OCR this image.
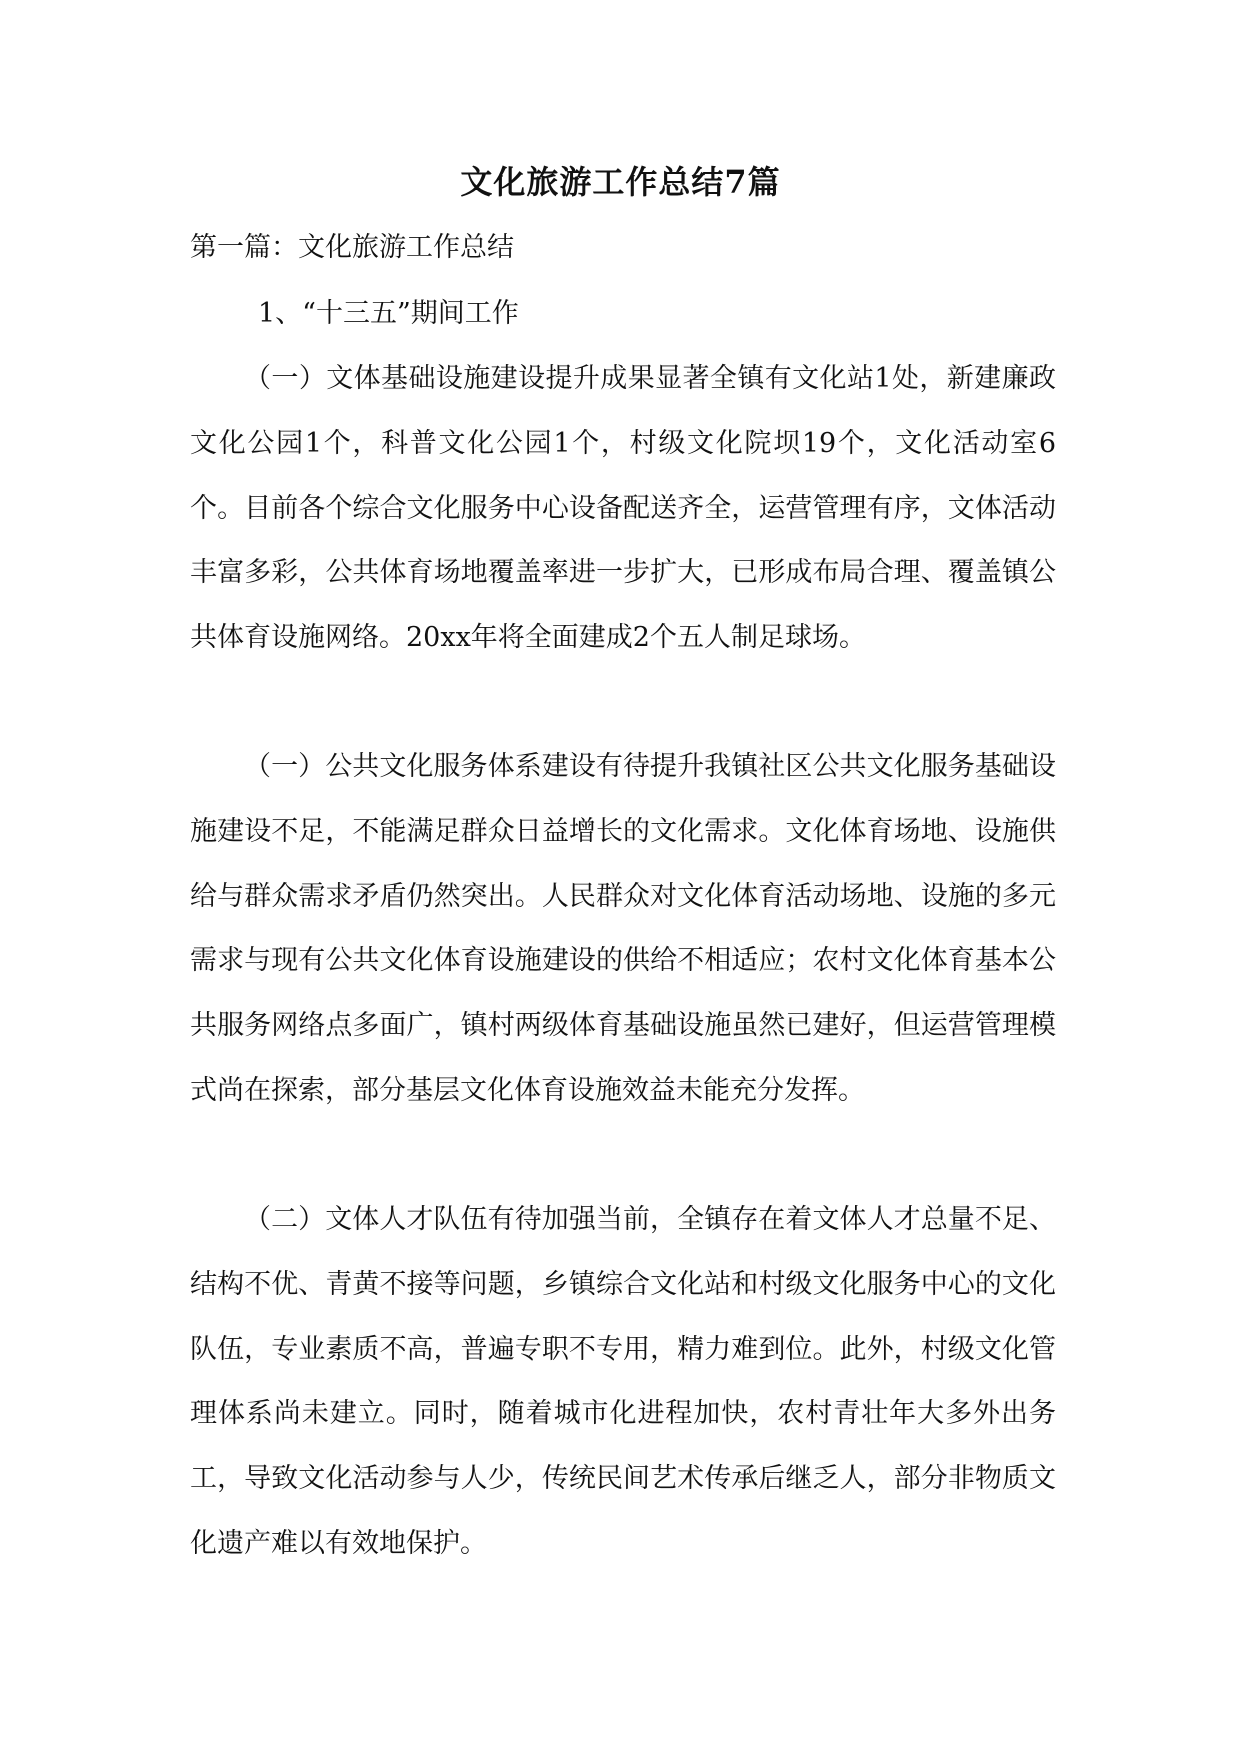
文化旅游工作总结7篇

第一篇：文化旅游工作总结

1、“十三五”期间工作

（一）文体基础设施建设提升成果显著全镇有文化站1处，新建廉政文化公园1个，科普文化公园1个，村级文化院坝19个，文化活动室6个。目前各个综合文化服务中心设备配送齐全，运营管理有序，文体活动丰富多彩，公共体育场地覆盖率进一步扩大，已形成布局合理、覆盖镇公共体育设施网络。20xx年将全面建成2个五人制足球场。

（一）公共文化服务体系建设有待提升我镇社区公共文化服务基础设施建设不足，不能满足群众日益增长的文化需求。文化体育场地、设施供给与群众需求矛盾仍然突出。人民群众对文化体育活动场地、设施的多元需求与现有公共文化体育设施建设的供给不相适应；农村文化体育基本公共服务网络点多面广，镇村两级体育基础设施虽然已建好，但运营管理模式尚在探索，部分基层文化体育设施效益未能充分发挥。

（二）文体人才队伍有待加强当前，全镇存在着文体人才总量不足、结构不优、青黄不接等问题，乡镇综合文化站和村级文化服务中心的文化队伍，专业素质不高，普遍专职不专用，精力难到位。此外，村级文化管理体系尚未建立。同时，随着城市化进程加快，农村青壮年大多外出务工，导致文化活动参与人少，传统民间艺术传承后继乏人，部分非物质文化遗产难以有效地保护。
